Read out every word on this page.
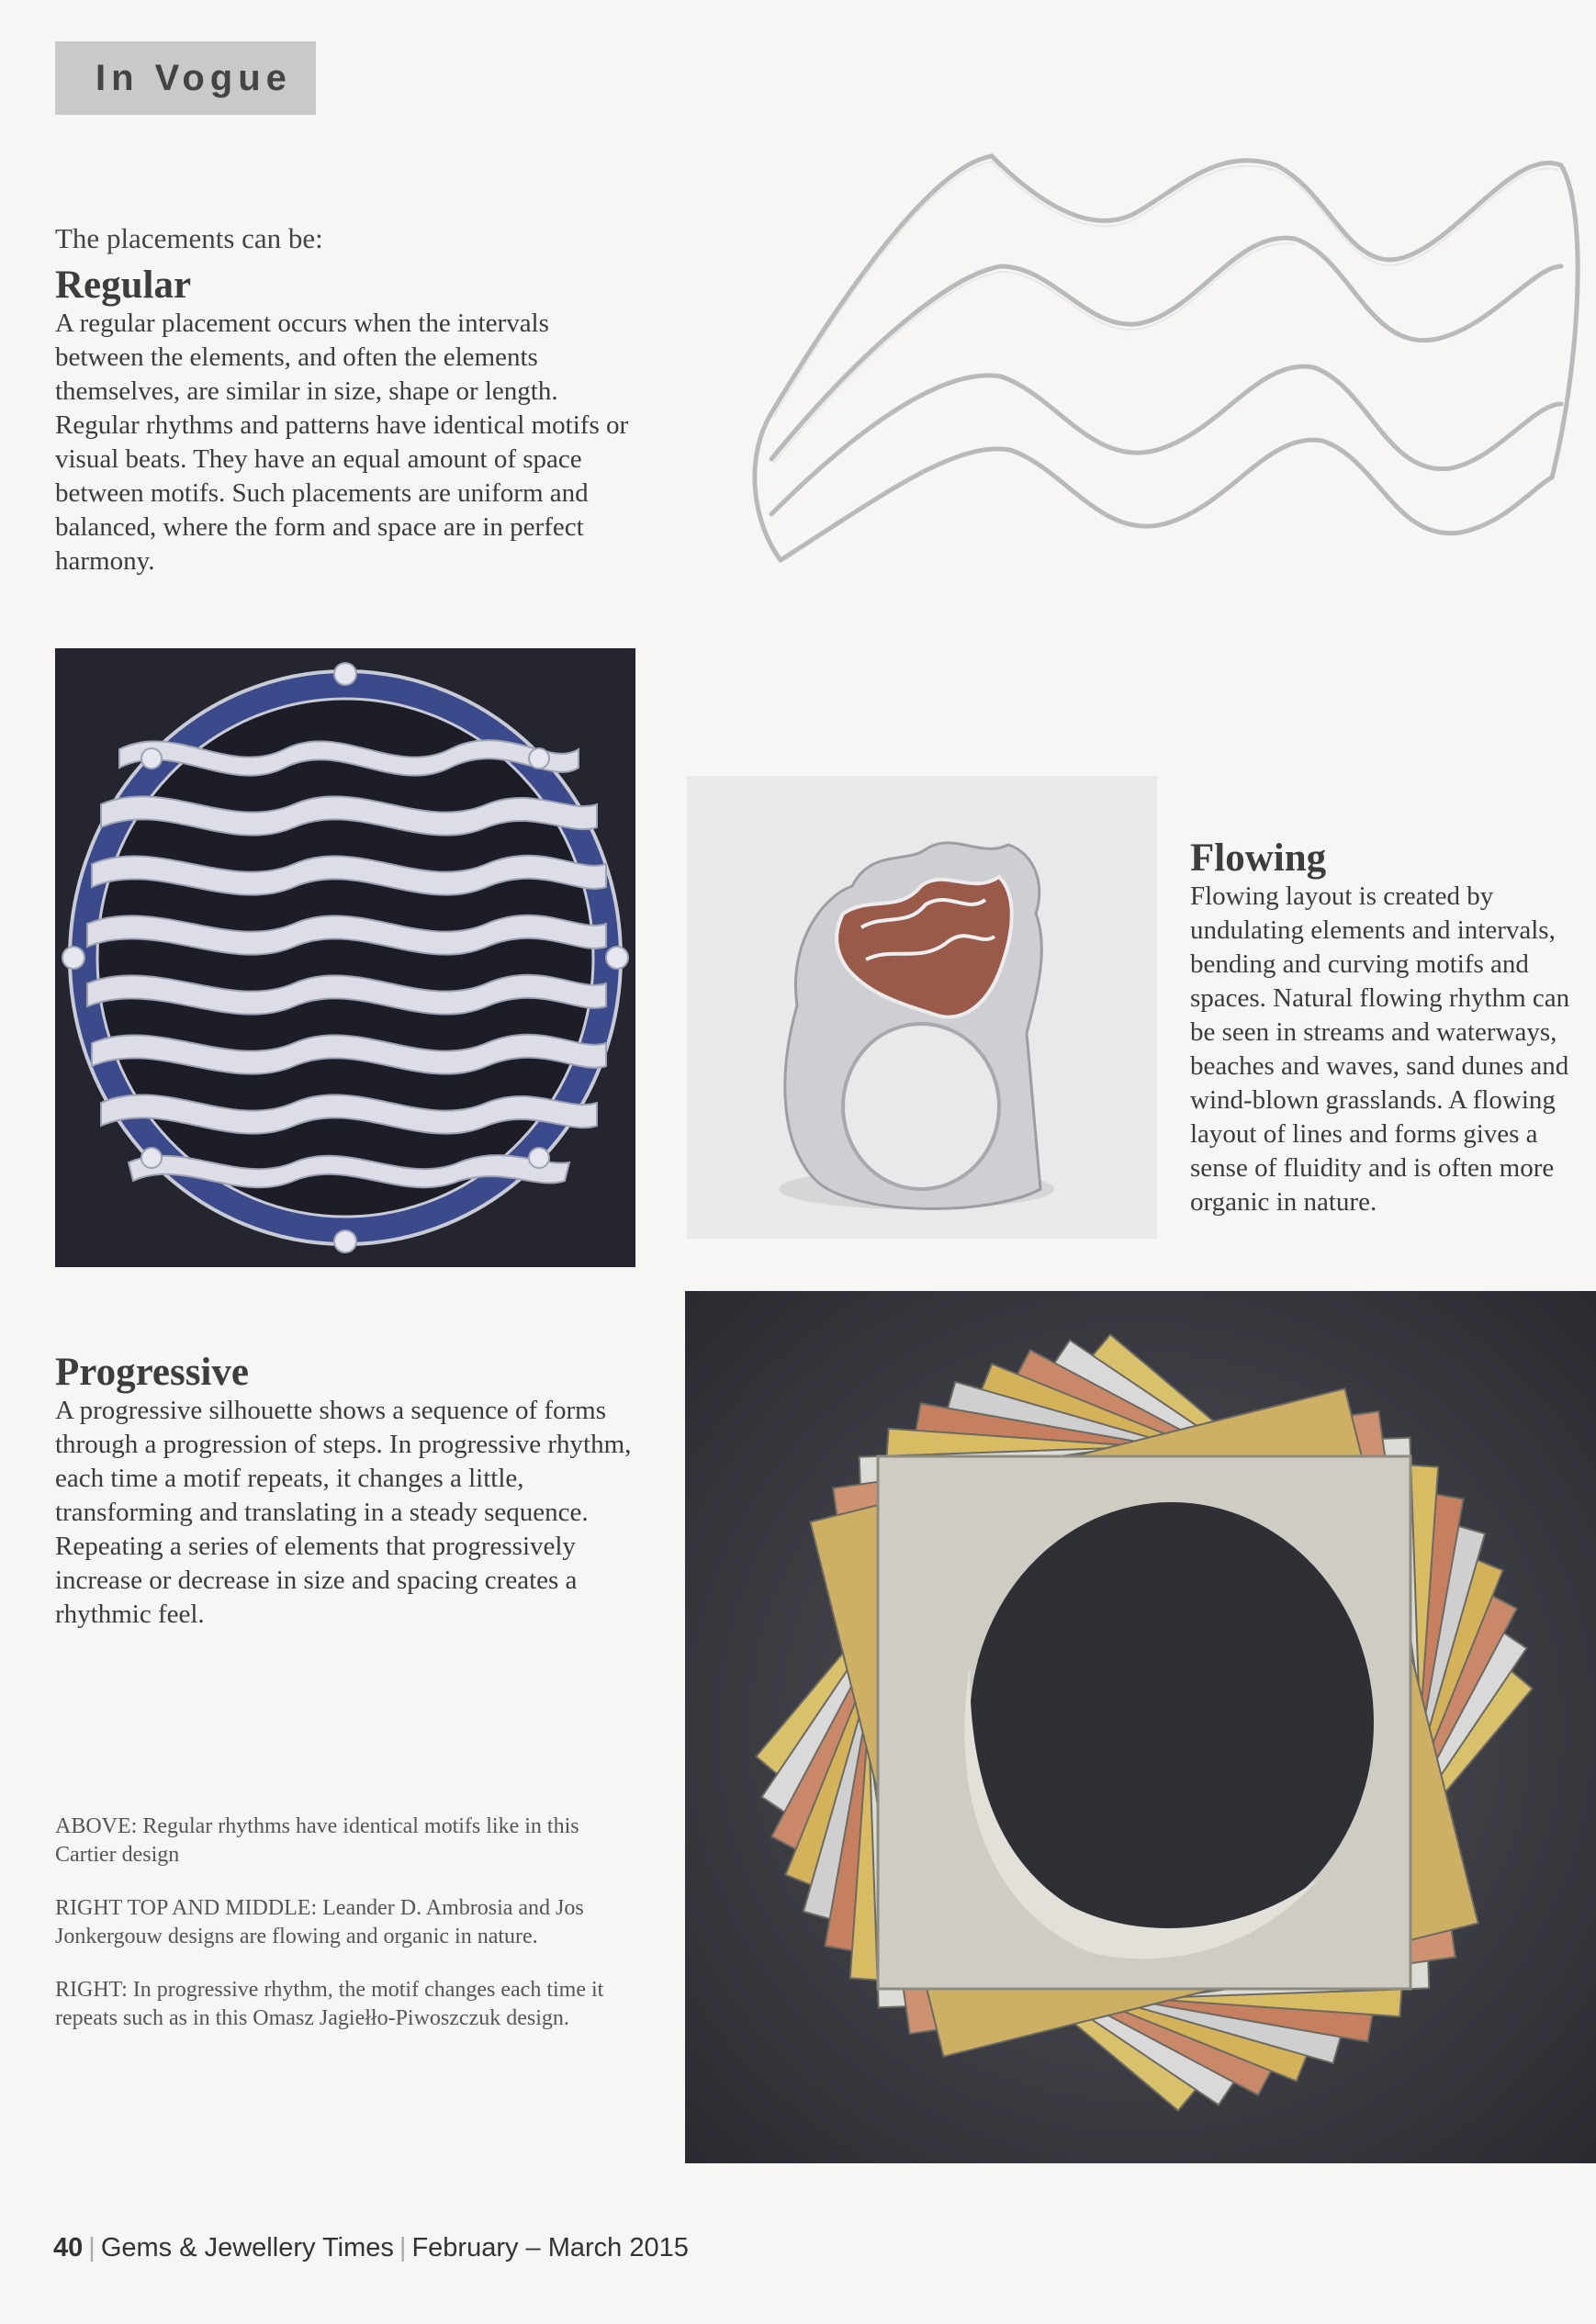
In Vogue
The placements can be:
Regular
A regular placement occurs when the intervals between the elements, and often the elements themselves, are similar in size, shape or length. Regular rhythms and patterns have identical motifs or visual beats. They have an equal amount of space between motifs. Such placements are uniform and balanced, where the form and space are in perfect harmony.
Flowing
Flowing layout is created by undulating elements and intervals, bending and curving motifs and spaces. Natural flowing rhythm can be seen in streams and waterways, beaches and waves, sand dunes and wind-blown grasslands. A flowing layout of lines and forms gives a sense of fluidity and is often more organic in nature.
Progressive
A progressive silhouette shows a sequence of forms through a progression of steps. In progressive rhythm, each time a motif repeats, it changes a little, transforming and translating in a steady sequence. Repeating a series of elements that progressively increase or decrease in size and spacing creates a rhythmic feel.

ABOVE: Regular rhythms have identical motifs like in this Cartier design

RIGHT TOP AND MIDDLE: Leander D. Ambrosia and Jos Jonkergouw designs are flowing and organic in nature.

RIGHT: In progressive rhythm, the motif changes each time it repeats such as in this Omasz Jagiełło-Piwoszczuk design.

40 | Gems & Jewellery Times | February – March 2015
